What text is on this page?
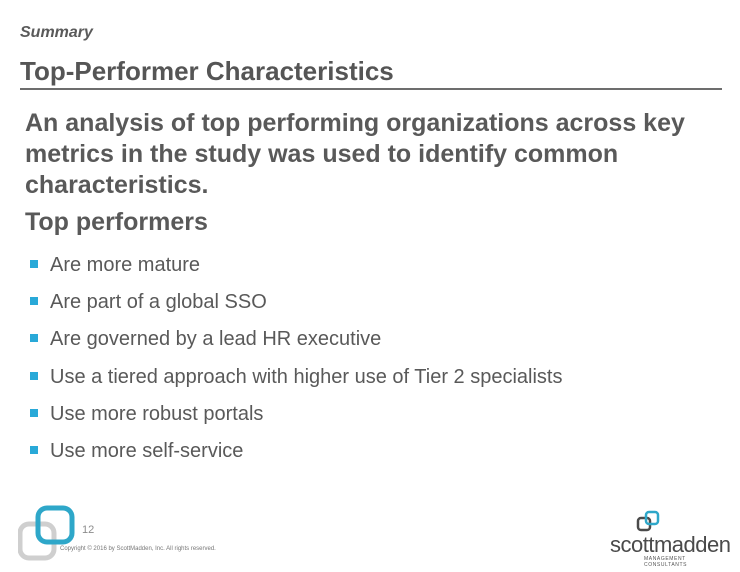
Summary
Top-Performer Characteristics
An analysis of top performing organizations across key metrics in the study was used to identify common characteristics.
Top performers
Are more mature
Are part of a global SSO
Are governed by a lead HR executive
Use a tiered approach with higher use of Tier 2 specialists
Use more robust portals
Use more self-service
12
Copyright © 2016 by ScottMadden, Inc. All rights reserved.	scottmadden
MANAGEMENT CONSULTANTS
